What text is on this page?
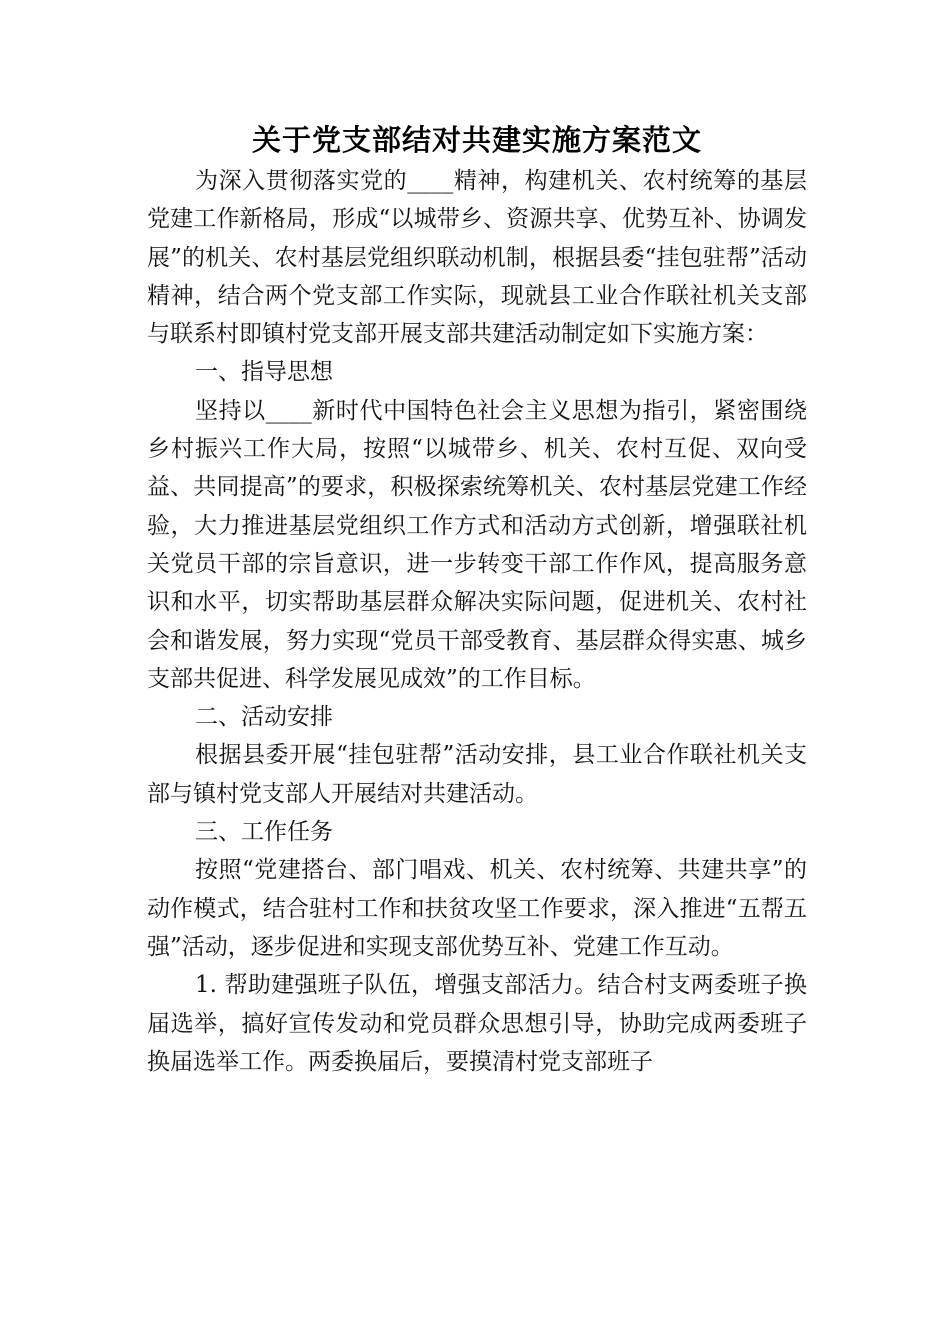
关于党支部结对共建实施方案范文

为深入贯彻落实党的____精神，构建机关、农村统筹的基层党建工作新格局，形成“以城带乡、资源共享、优势互补、协调发展”的机关、农村基层党组织联动机制，根据县委“挂包驻帮”活动精神，结合两个党支部工作实际，现就县工业合作联社机关支部与联系村即镇村党支部开展支部共建活动制定如下实施方案：

一、指导思想

坚持以____新时代中国特色社会主义思想为指引，紧密围绕乡村振兴工作大局，按照“以城带乡、机关、农村互促、双向受益、共同提高”的要求，积极探索统筹机关、农村基层党建工作经验，大力推进基层党组织工作方式和活动方式创新，增强联社机关党员干部的宗旨意识，进一步转变干部工作作风，提高服务意识和水平，切实帮助基层群众解决实际问题，促进机关、农村社会和谐发展，努力实现“党员干部受教育、基层群众得实惠、城乡支部共促进、科学发展见成效”的工作目标。

二、活动安排

根据县委开展“挂包驻帮”活动安排，县工业合作联社机关支部与镇村党支部人开展结对共建活动。

三、工作任务

按照“党建搭台、部门唱戏、机关、农村统筹、共建共享”的动作模式，结合驻村工作和扶贫攻坚工作要求，深入推进“五帮五强”活动，逐步促进和实现支部优势互补、党建工作互动。

1. 帮助建强班子队伍，增强支部活力。结合村支两委班子换届选举，搞好宣传发动和党员群众思想引导，协助完成两委班子换届选举工作。两委换届后，要摸清村党支部班子
